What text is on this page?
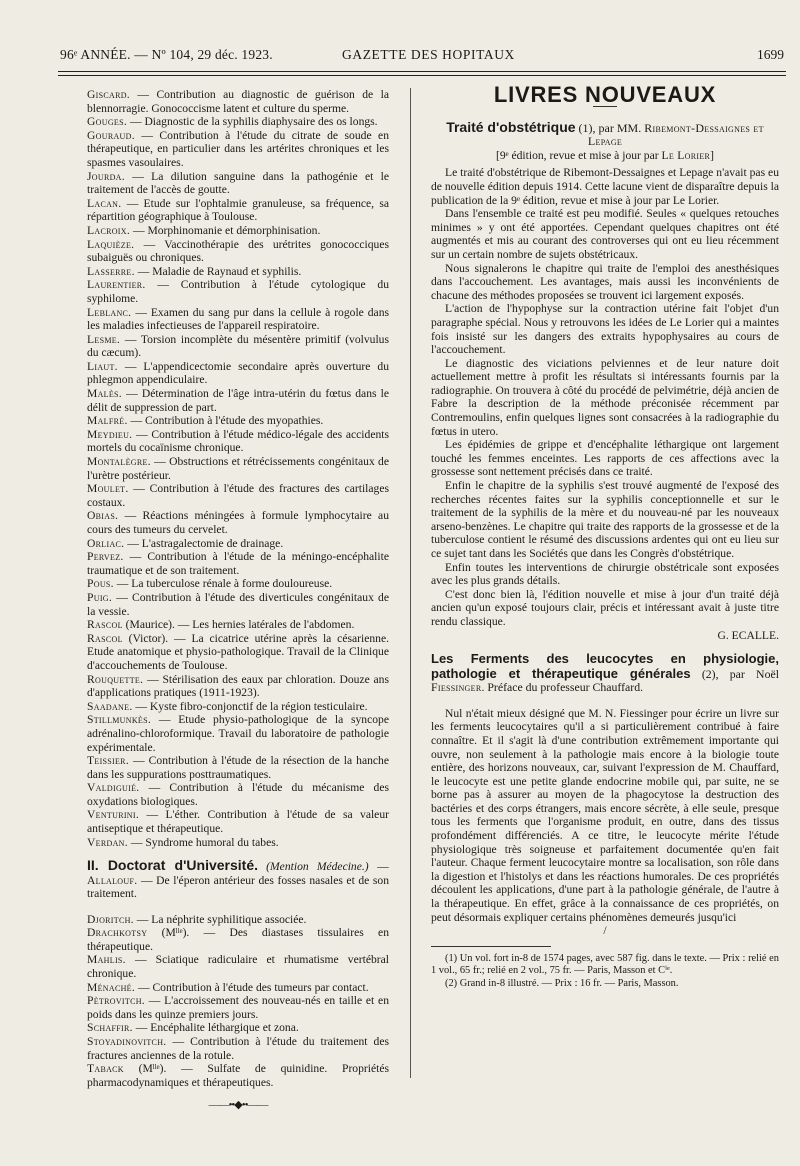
96ᵉ ANNÉE. — Nº 104, 29 déc. 1923.	GAZETTE DES HOPITAUX	1699

Giscard. — Contribution au diagnostic de guérison de la blennorragie. Gonococcisme latent et culture du sperme.

Gouges. — Diagnostic de la syphilis diaphysaire des os longs.

Gouraud. — Contribution à l'étude du citrate de soude en thérapeutique, en particulier dans les artérites chroniques et les spasmes vasoulaires.

Jourda. — La dilution sanguine dans la pathogénie et le traitement de l'accès de goutte.

Lacan. — Etude sur l'ophtalmie granuleuse, sa fréquence, sa répartition géographique à Toulouse.

Lacroix. — Morphinomanie et démorphinisation.

Laquièze. — Vaccinothérapie des urétrites gonococciques subaiguës ou chroniques.

Lasserre. — Maladie de Raynaud et syphilis.

Laurentier. — Contribution à l'étude cytologique du syphilome.

Leblanc. — Examen du sang pur dans la cellule à rogole dans les maladies infectieuses de l'appareil respiratoire.

Lesme. — Torsion incomplète du mésentère primitif (volvulus du cæcum).

Liaut. — L'appendicectomie secondaire après ouverture du phlegmon appendiculaire.

Malès. — Détermination de l'âge intra-utérin du fœtus dans le délit de suppression de part.

Malfré. — Contribution à l'étude des myopathies.

Meydieu. — Contribution à l'étude médico-légale des accidents mortels du cocaïnisme chronique.

Montalègre. — Obstructions et rétrécissements congénitaux de l'urètre postérieur.

Moulet. — Contribution à l'étude des fractures des cartilages costaux.

Obias. — Réactions méningées à formule lymphocytaire au cours des tumeurs du cervelet.

Orliac. — L'astragalectomie de drainage.

Pervez. — Contribution à l'étude de la méningo-encéphalite traumatique et de son traitement.

Pous. — La tuberculose rénale à forme douloureuse.

Puig. — Contribution à l'étude des diverticules congénitaux de la vessie.

Rascol (Maurice). — Les hernies latérales de l'abdomen.

Rascol (Victor). — La cicatrice utérine après la césarienne. Etude anatomique et physio-pathologique. Travail de la Clinique d'accouchements de Toulouse.

Rouquette. — Stérilisation des eaux par chloration. Douze ans d'applications pratiques (1911-1923).

Saadane. — Kyste fibro-conjonctif de la région testiculaire.

Stillmunkès. — Etude physio-pathologique de la syncope adrénalino-chloroformique. Travail du laboratoire de pathologie expérimentale.

Teissier. — Contribution à l'étude de la résection de la hanche dans les suppurations posttraumatiques.

Valdiguié. — Contribution à l'étude du mécanisme des oxydations biologiques.

Venturini. — L'éther. Contribution à l'étude de sa valeur antiseptique et thérapeutique.

Verdan. — Syndrome humoral du tabes.

II. Doctorat d'Université. (Mention Médecine.) — Allalouf. — De l'éperon antérieur des fosses nasales et de son traitement.

Djoritch. — La néphrite syphilitique associée.

Drachkotsy (Mˡˡᵉ). — Des diastases tissulaires en thérapeutique.

Mahlis. — Sciatique radiculaire et rhumatisme vertébral chronique.

Ménaché. — Contribution à l'étude des tumeurs par contact.

Pètrovitch. — L'accroissement des nouveau-nés en taille et en poids dans les quinze premiers jours.

Schaffir. — Encéphalite léthargique et zona.

Stoyadinovitch. — Contribution à l'étude du traitement des fractures anciennes de la rotule.

Taback (Mˡˡᵉ). — Sulfate de quinidine. Propriétés pharmacodynamiques et thérapeutiques.

——••◆••——
LIVRES NOUVEAUX

Traité d'obstétrique (1), par MM. Ribemont-Dessaignes et Lepage

[9ᵉ édition, revue et mise à jour par Le Lorier]

Le traité d'obstétrique de Ribemont-Dessaignes et Lepage n'avait pas eu de nouvelle édition depuis 1914. Cette lacune vient de disparaître depuis la publication de la 9ᵉ édition, revue et mise à jour par Le Lorier.

Dans l'ensemble ce traité est peu modifié. Seules « quelques retouches minimes » y ont été apportées. Cependant quelques chapitres ont été augmentés et mis au courant des controverses qui ont eu lieu récemment sur un certain nombre de sujets obstétricaux.

Nous signalerons le chapitre qui traite de l'emploi des anesthésiques dans l'accouchement. Les avantages, mais aussi les inconvénients de chacune des méthodes proposées se trouvent ici largement exposés.

L'action de l'hypophyse sur la contraction utérine fait l'objet d'un paragraphe spécial. Nous y retrouvons les idées de Le Lorier qui a maintes fois insisté sur les dangers des extraits hypophysaires au cours de l'accouchement.

Le diagnostic des viciations pelviennes et de leur nature doit actuellement mettre à profit les résultats si intéressants fournis par la radiographie. On trouvera à côté du procédé de pelvimétrie, déjà ancien de Fabre la description de la méthode préconisée récemment par Contremoulins, enfin quelques lignes sont consacrées à la radiographie du fœtus in utero.

Les épidémies de grippe et d'encéphalite léthargique ont largement touché les femmes enceintes. Les rapports de ces affections avec la grossesse sont nettement précisés dans ce traité.

Enfin le chapitre de la syphilis s'est trouvé augmenté de l'exposé des recherches récentes faites sur la syphilis conceptionnelle et sur le traitement de la syphilis de la mère et du nouveau-né par les nouveaux arseno-benzènes. Le chapitre qui traite des rapports de la grossesse et de la tuberculose contient le résumé des discussions ardentes qui ont eu lieu sur ce sujet tant dans les Sociétés que dans les Congrès d'obstétrique.

Enfin toutes les interventions de chirurgie obstétricale sont exposées avec les plus grands détails.

C'est donc bien là, l'édition nouvelle et mise à jour d'un traité déjà ancien qu'un exposé toujours clair, précis et intéressant avait à juste titre rendu classique.

G. ECALLE.

Les Ferments des leucocytes en physiologie, pathologie et thérapeutique générales (2), par Noël Fiessinger. Préface du professeur Chauffard.

Nul n'était mieux désigné que M. N. Fiessinger pour écrire un livre sur les ferments leucocytaires qu'il a si particulièrement contribué à faire connaître. Et il s'agit là d'une contribution extrêmement importante qui ouvre, non seulement à la pathologie mais encore à la biologie toute entière, des horizons nouveaux, car, suivant l'expression de M. Chauffard, le leucocyte est une petite glande endocrine mobile qui, par suite, ne se borne pas à assurer au moyen de la phagocytose la destruction des bactéries et des corps étrangers, mais encore sécrète, à elle seule, presque tous les ferments que l'organisme produit, en outre, dans des tissus profondément différenciés. A ce titre, le leucocyte mérite l'étude physiologique très soigneuse et parfaitement documentée qu'en fait l'auteur. Chaque ferment leucocytaire montre sa localisation, son rôle dans la digestion et l'histolys et dans les réactions humorales. De ces propriétés découlent les applications, d'une part à la pathologie générale, de l'autre à la thérapeutique. En effet, grâce à la connaissance de ces propriétés, on peut désormais expliquer certains phénomènes demeurés jusqu'ici

/

(1) Un vol. fort in-8 de 1574 pages, avec 587 fig. dans le texte. — Prix : relié en 1 vol., 65 fr.; relié en 2 vol., 75 fr. — Paris, Masson et Cⁱᵉ.

(2) Grand in-8 illustré. — Prix : 16 fr. — Paris, Masson.
